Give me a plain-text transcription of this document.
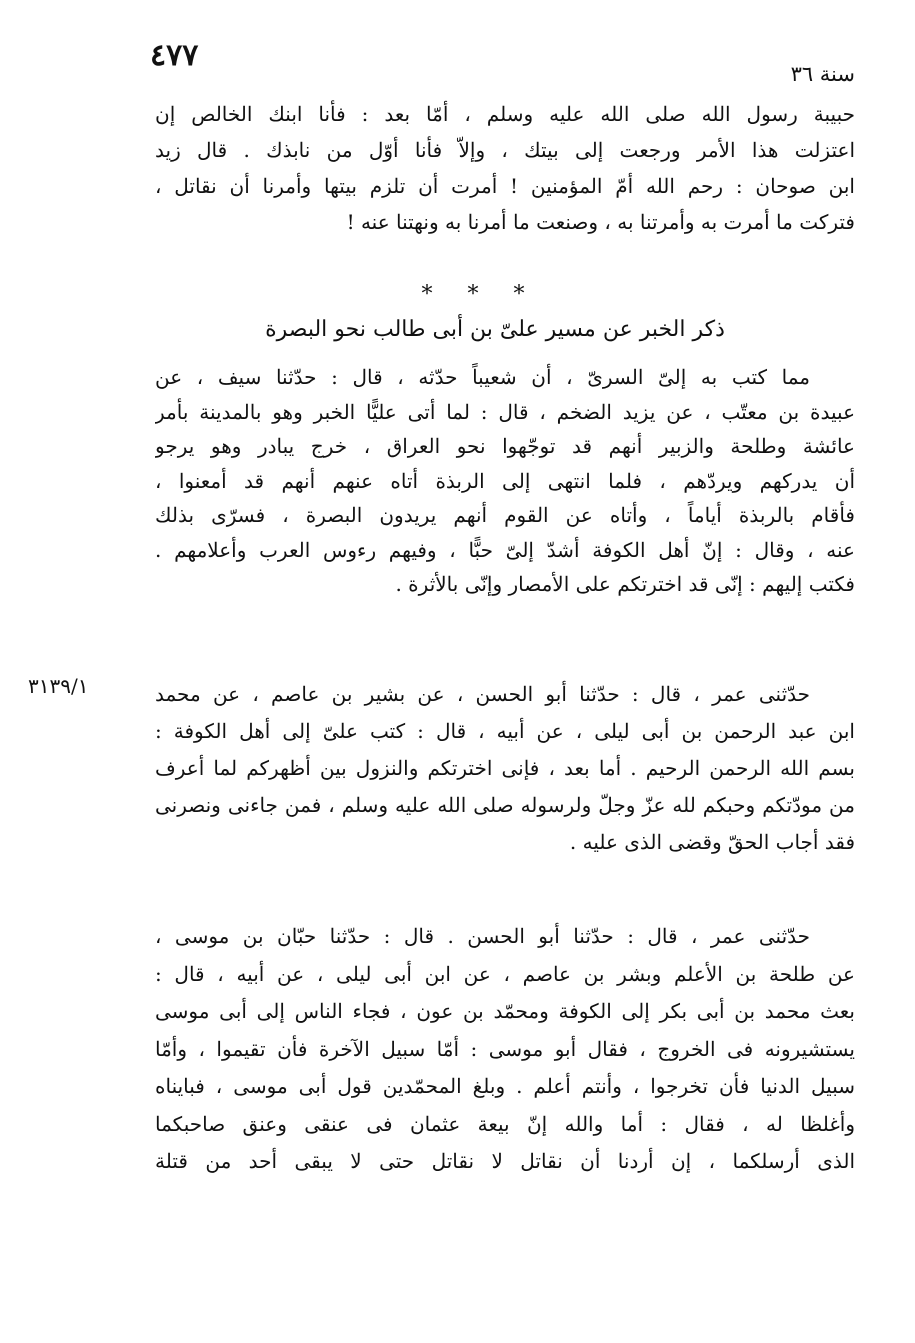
٤٧٧
سنة ٣٦
حبيبة رسول الله صلى الله عليه وسلم ، أمّا بعد : فأنا ابنك الخالص إن
اعتزلت هذا الأمر ورجعت إلى بيتك ، وإلاّ فأنا أوّل من نابذك . قال زيد
ابن صوحان : رحم الله أمّ المؤمنين ! أمرت أن تلزم بيتها وأمرنا أن نقاتل ،
فتركت ما أمرت به وأمرتنا به ، وصنعت ما أمرنا به ونهتنا عنه !
* * *
ذكر الخبر عن مسير علىّ بن أبى طالب نحو البصرة
مما كتب به إلىّ السرىّ ، أن شعيباً حدّثه ، قال : حدّثنا سيف ، عن
عبيدة بن معتّب ، عن يزيد الضخم ، قال : لما أتى عليًّا الخبر وهو بالمدينة بأمر
عائشة وطلحة والزبير أنهم قد توجّهوا نحو العراق ، خرج يبادر وهو يرجو
أن يدركهم ويردّهم ، فلما انتهى إلى الربذة أتاه عنهم أنهم قد أمعنوا ،
فأقام بالربذة أياماً ، وأتاه عن القوم أنهم يريدون البصرة ، فسرّى بذلك
عنه ، وقال : إنّ أهل الكوفة أشدّ إلىّ حبًّا ، وفيهم رءوس العرب وأعلامهم .
فكتب إليهم : إنّى قد اخترتكم على الأمصار وإنّى بالأثرة .
٣١٣٩/١	حدّثنى عمر ، قال : حدّثنا أبو الحسن ، عن بشير بن عاصم ، عن محمد
ابن عبد الرحمن بن أبى ليلى ، عن أبيه ، قال : كتب علىّ إلى أهل الكوفة :
بسم الله الرحمن الرحيم . أما بعد ، فإنى اخترتكم والنزول بين أظهركم لما أعرف
من مودّتكم وحبكم لله عزّ وجلّ ولرسوله صلى الله عليه وسلم ، فمن جاءنى ونصرنى
فقد أجاب الحقّ وقضى الذى عليه .
حدّثنى عمر ، قال : حدّثنا أبو الحسن . قال : حدّثنا حبّان بن موسى ،
عن طلحة بن الأعلم وبشر بن عاصم ، عن ابن أبى ليلى ، عن أبيه ، قال :
بعث محمد بن أبى بكر إلى الكوفة ومحمّد بن عون ، فجاء الناس إلى أبى موسى
يستشيرونه فى الخروج ، فقال أبو موسى : أمّا سبيل الآخرة فأن تقيموا ، وأمّا
سبيل الدنيا فأن تخرجوا ، وأنتم أعلم . وبلغ المحمّدين قول أبى موسى ، فبايناه
وأغلظا له ، فقال : أما والله إنّ بيعة عثمان فى عنقى وعنق صاحبكما
الذى أرسلكما ، إن أردنا أن نقاتل لا نقاتل حتى لا يبقى أحد من قتلة
